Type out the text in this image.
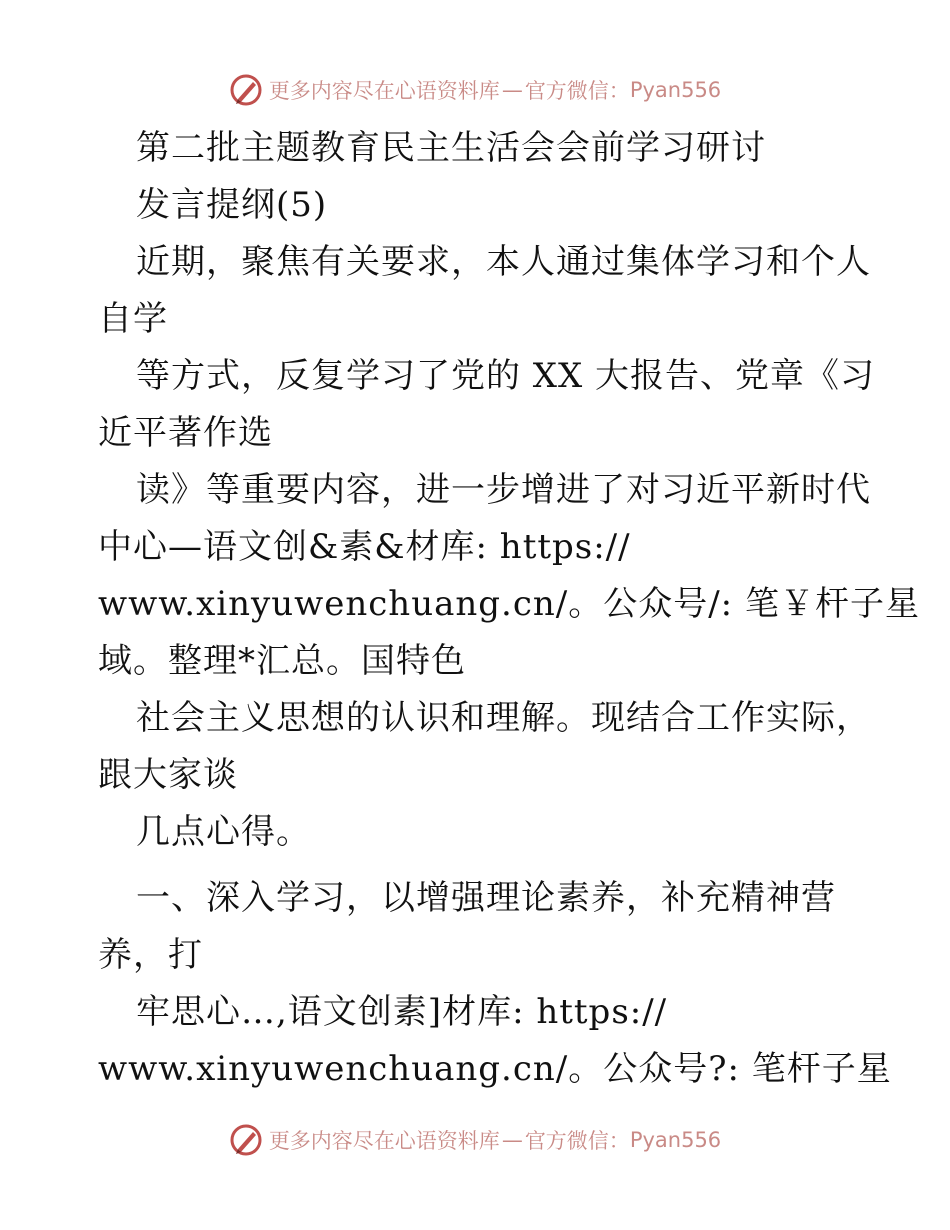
更多内容尽在心语资料库 — 官方微信： Pyan556
第二批主题教育民主生活会会前学习研讨
发言提纲(5)
近期，聚焦有关要求，本人通过集体学习和个人
自学
等方式，反复学习了党的 XX 大报告、党章《习
近平著作选
读》等重要内容，进一步增进了对习近平新时代
中心—语文创&素&材库: https://
www.xinyuwenchuang.cn/。公众号/: 笔￥杆子星
域。整理*汇总。国特色
社会主义思想的认识和理解。现结合工作实际，
跟大家谈
几点心得。
一、深入学习，以增强理论素养，补充精神营
养，打
牢思心…,语文创素]材库: https://
www.xinyuwenchuang.cn/。公众号?: 笔杆子星
更多内容尽在心语资料库 — 官方微信： Pyan556
